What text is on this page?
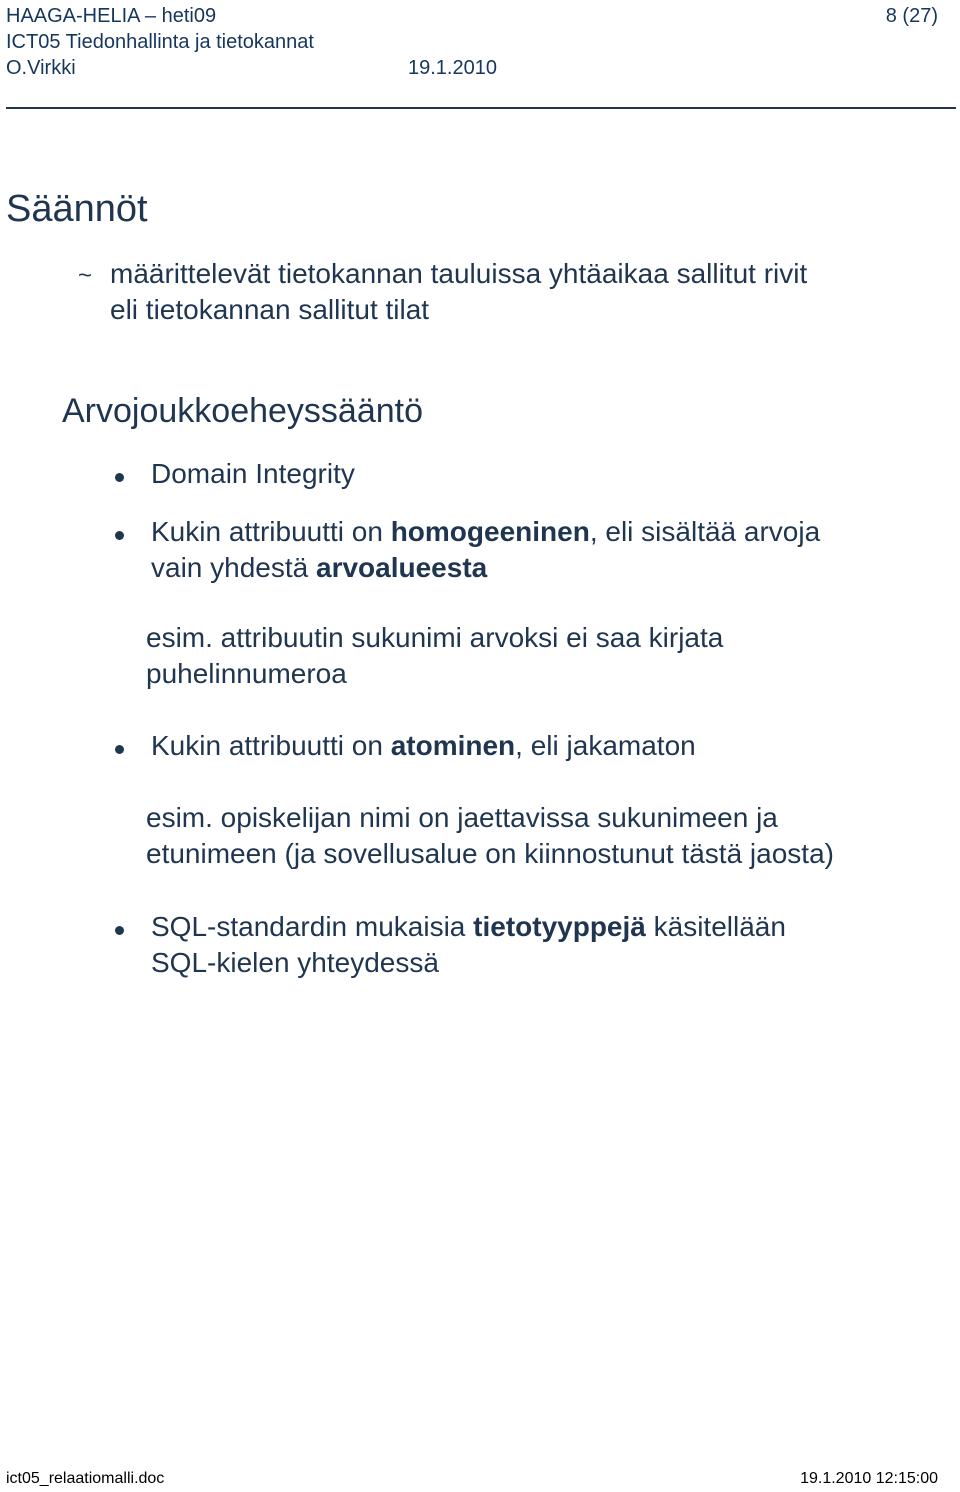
HAAGA-HELIA – heti09
ICT05 Tiedonhallinta ja tietokannat
O.Virkki	19.1.2010
8 (27)
Säännöt
~ määrittelevät tietokannan tauluissa yhtäaikaa sallitut rivit
eli tietokannan sallitut tilat
Arvojoukkoeheyssääntö
Domain Integrity
Kukin attribuutti on homogeeninen, eli sisältää arvoja
vain yhdestä arvoalueesta
esim. attribuutin sukunimi arvoksi ei saa kirjata
puhelinnumeroa
Kukin attribuutti on atominen, eli jakamaton
esim. opiskelijan nimi on jaettavissa sukunimeen ja
etunimeen (ja sovellusalue on kiinnostunut tästä jaosta)
SQL-standardin mukaisia tietotyyppejä käsitellään
SQL-kielen yhteydessä
ict05_relaatiomalli.doc	19.1.2010 12:15:00
